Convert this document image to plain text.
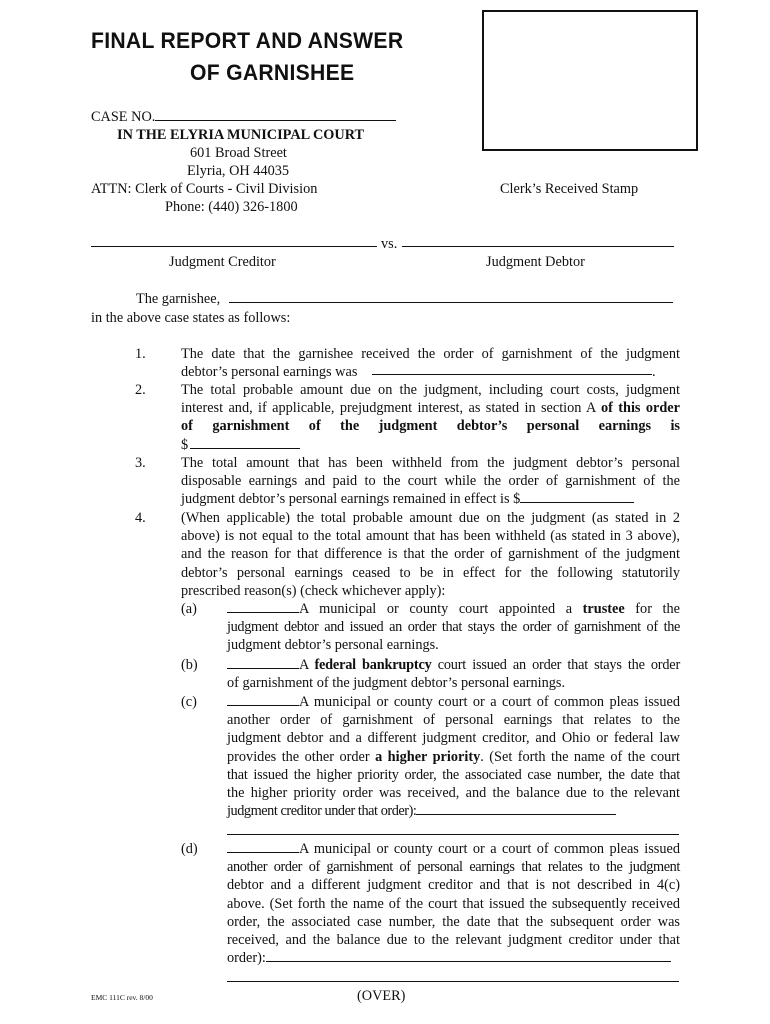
FINAL REPORT AND ANSWER
OF GARNISHEE
CASE NO.
IN THE ELYRIA MUNICIPAL COURT
601 Broad Street
Elyria, OH 44035
ATTN: Clerk of Courts - Civil Division
Phone: (440) 326-1800
Clerk’s Received Stamp
vs.
Judgment Creditor	Judgment Debtor
The garnishee,
in the above case states as follows:
1. The date that the garnishee received the order of garnishment of the judgment
debtor’s personal earnings was	.
2. The total probable amount due on the judgment, including court costs, judgment
interest and, if applicable, prejudgment interest, as stated in section A of this order
of garnishment of the judgment debtor’s personal earnings is
$
3. The total amount that has been withheld from the judgment debtor’s personal
disposable earnings and paid to the court while the order of garnishment of the
judgment debtor’s personal earnings remained in effect is $
4. (When applicable) the total probable amount due on the judgment (as stated in 2
above) is not equal to the total amount that has been withheld (as stated in 3 above),
and the reason for that difference is that the order of garnishment of the judgment
debtor’s personal earnings ceased to be in effect for the following statutorily
prescribed reason(s) (check whichever apply):
(a)	A municipal or county court appointed a trustee for the
judgment debtor and issued an order that stays the order of garnishment of the
judgment debtor’s personal earnings.
(b)	A federal bankruptcy court issued an order that stays the order
of garnishment of the judgment debtor’s personal earnings.
(c)	A municipal or county court or a court of common pleas issued
another order of garnishment of personal earnings that relates to the
judgment debtor and a different judgment creditor, and Ohio or federal law
provides the other order a higher priority. (Set forth the name of the court
that issued the higher priority order, the associated case number, the date that
the higher priority order was received, and the balance due to the relevant
judgment creditor under that order):
(d)	A municipal or county court or a court of common pleas issued
another order of garnishment of personal earnings that relates to the judgment
debtor and a different judgment creditor and that is not described in 4(c)
above. (Set forth the name of the court that issued the subsequently received
order, the associated case number, the date that the subsequent order was
received, and the balance due to the relevant judgment creditor under that
order):
EMC 111C rev. 8/00	(OVER)
